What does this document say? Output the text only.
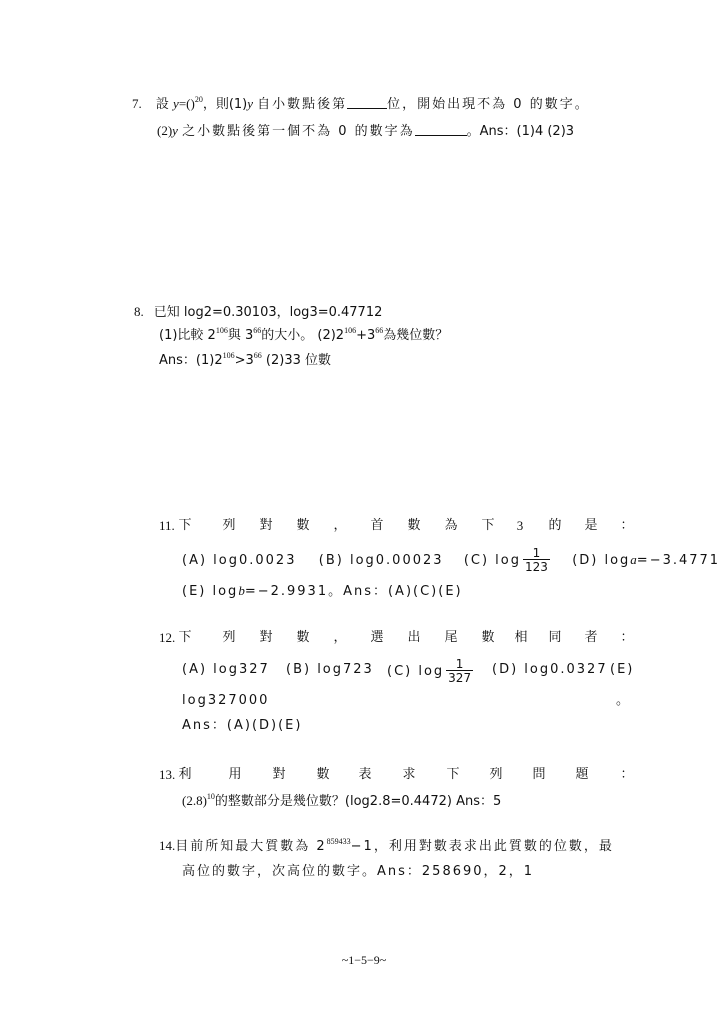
7. 設 y=()$^{20}$，則(1)y 自小數點後第	位，開始出現不為 0 的數字。
(2)y 之小數點後第一個不為 0 的數字為	。Ans：(1)4 (2)3
8. 已知 log2=0.30103，log3=0.47712
(1)比較 $2^{106}$與 $3^{66}$的大小。 $(2)2^{106}+3^{66}$為幾位數？
Ans：$(1)2^{106}>3^{66}$ (2)33 位數
11. 下 列 對 數 ， 首 數 為 下	3	的 是 ：
(A) log0.0023 (B) log0.00023 (C) $\log \frac{1}{123} (D)$ loga=−3.4771
(E) logb=−2.9931。Ans：(A)(C)(E)
12. 下 列 對 數 ， 選 出 尾 數 相 同 者 ：
(A) log327 (B) log723 (C) $\log \frac{1}{327} (D)$ log0.0327 (E)
log327000	。
Ans：(A)(D)(E)
13. 利	用 對 數 表 求 下 列 問 題 ：
$(2.8)^{10}$的整數部分是幾位數？(log2.8=0.4472) Ans：5
14.目前所知最大質數為 $2^{859433}-1$，利用對數表求出此質數的位數，最
高位的數字，次高位的數字。Ans：258690，2，1
~1−5−9~
